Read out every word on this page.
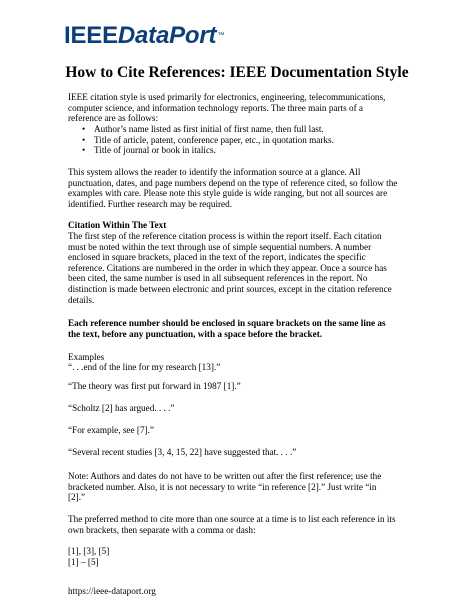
IEEEDataPort™
How to Cite References: IEEE Documentation Style
IEEE citation style is used primarily for electronics, engineering, telecommunications,
computer science, and information technology reports. The three main parts of a
reference are as follows:
• Author’s name listed as first initial of first name, then full last.
• Title of article, patent, conference paper, etc., in quotation marks.
• Title of journal or book in italics.
This system allows the reader to identify the information source at a glance. All
punctuation, dates, and page numbers depend on the type of reference cited, so follow the
examples with care. Please note this style guide is wide ranging, but not all sources are
identified. Further research may be required.
Citation Within The Text
The first step of the reference citation process is within the report itself. Each citation
must be noted within the text through use of simple sequential numbers. A number
enclosed in square brackets, placed in the text of the report, indicates the specific
reference. Citations are numbered in the order in which they appear. Once a source has
been cited, the same number is used in all subsequent references in the report. No
distinction is made between electronic and print sources, except in the citation reference
details.
Each reference number should be enclosed in square brackets on the same line as
the text, before any punctuation, with a space before the bracket.
Examples
“. . .end of the line for my research [13].”
“The theory was first put forward in 1987 [1].”
“Scholtz [2] has argued. . . .”
“For example, see [7].”
“Several recent studies [3, 4, 15, 22] have suggested that. . . .”
Note: Authors and dates do not have to be written out after the first reference; use the
bracketed number. Also, it is not necessary to write “in reference [2].” Just write “in
[2].”
The preferred method to cite more than one source at a time is to list each reference in its
own brackets, then separate with a comma or dash:
[1], [3], [5]
[1] – [5]
https://ieee-dataport.org
